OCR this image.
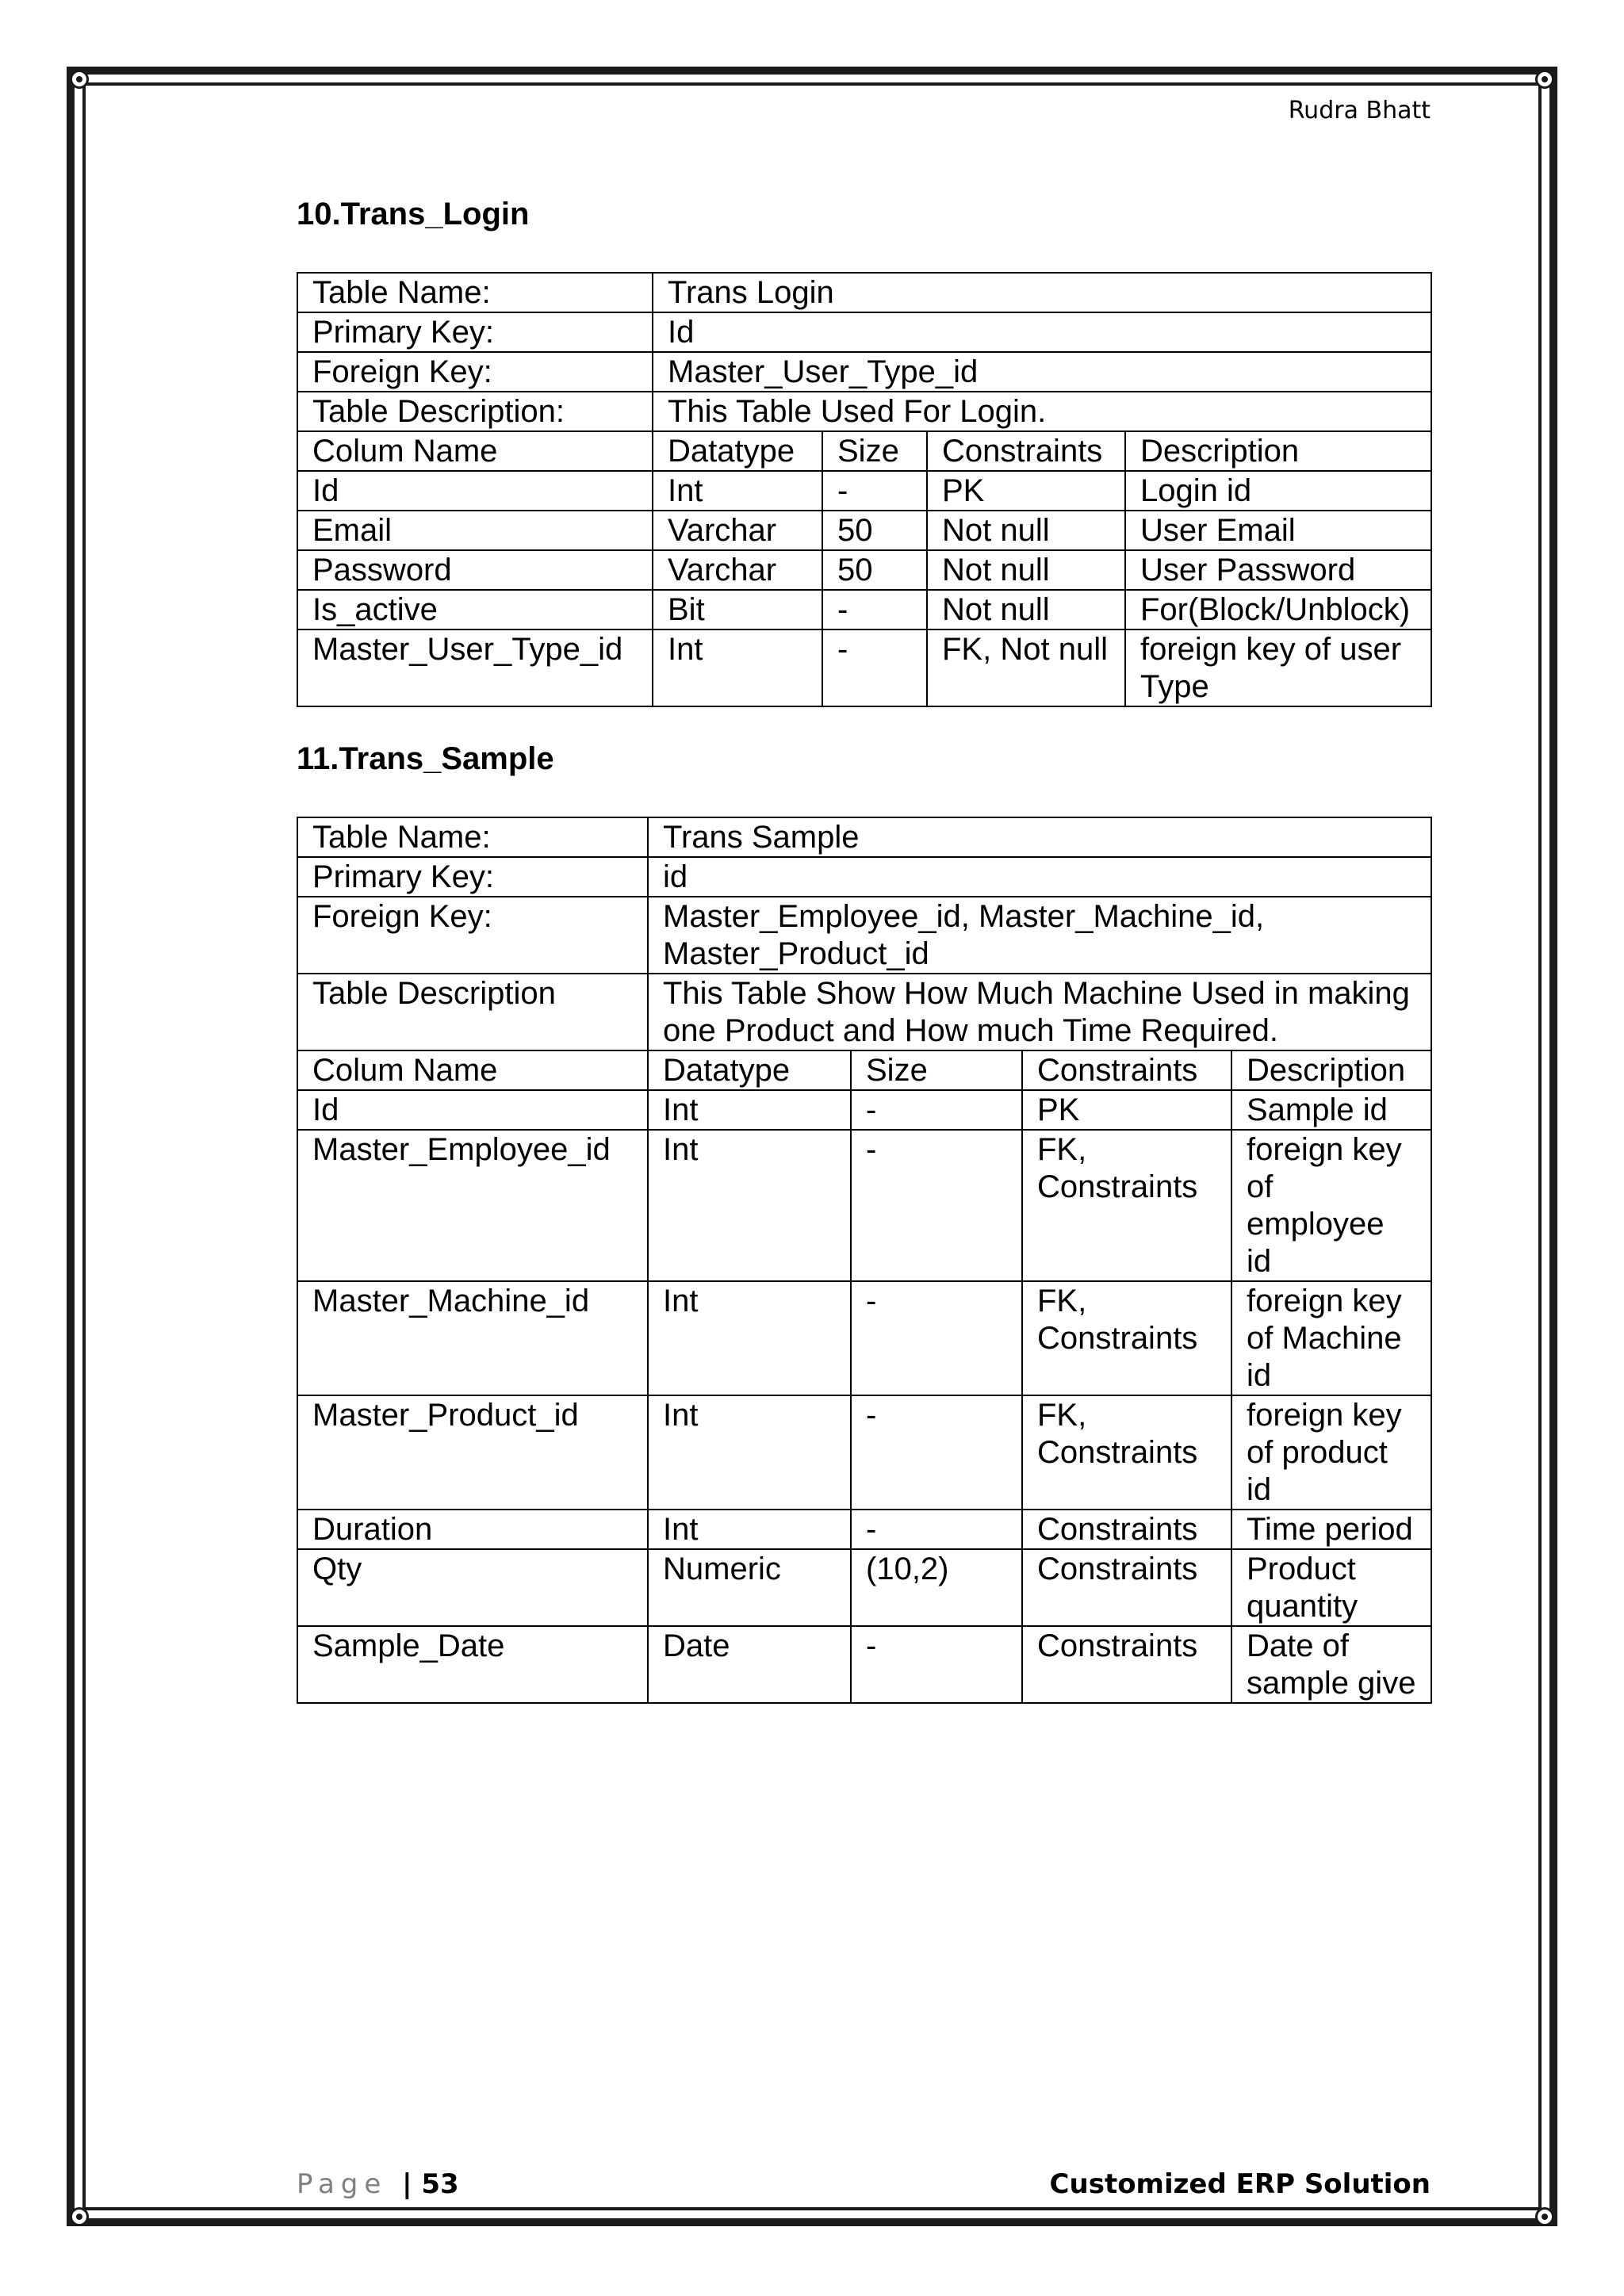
Rudra Bhatt
10.Trans_Login
Table Name:	Trans Login			
Primary Key:	Id			
Foreign Key:	Master_User_Type_id			
Table Description:	This Table Used For Login.			
Colum Name	Datatype	Size	Constraints	Description
Id	Int	-	PK	Login id
Email	Varchar	50	Not null	User Email
Password	Varchar	50	Not null	User Password
Is_active	Bit	-	Not null	For(Block/Unblock)
Master_User_Type_id	Int	-	FK, Not null	foreign key of user Type
11.Trans_Sample
Table Name:	Trans Sample			
Primary Key:	id			
Foreign Key:	Master_Employee_id, Master_Machine_id, Master_Product_id			
Table Description	This Table Show How Much Machine Used in making one Product and How much Time Required.			
Colum Name	Datatype	Size	Constraints	Description
Id	Int	-	PK	Sample id
Master_Employee_id	Int	-	FK, Constraints	foreign key of employee id
Master_Machine_id	Int	-	FK, Constraints	foreign key of Machine id
Master_Product_id	Int	-	FK, Constraints	foreign key of product id
Duration	Int	-	Constraints	Time period
Qty	Numeric	(10,2)	Constraints	Product quantity
Sample_Date	Date	-	Constraints	Date of sample give
Page | 53	Customized ERP Solution
